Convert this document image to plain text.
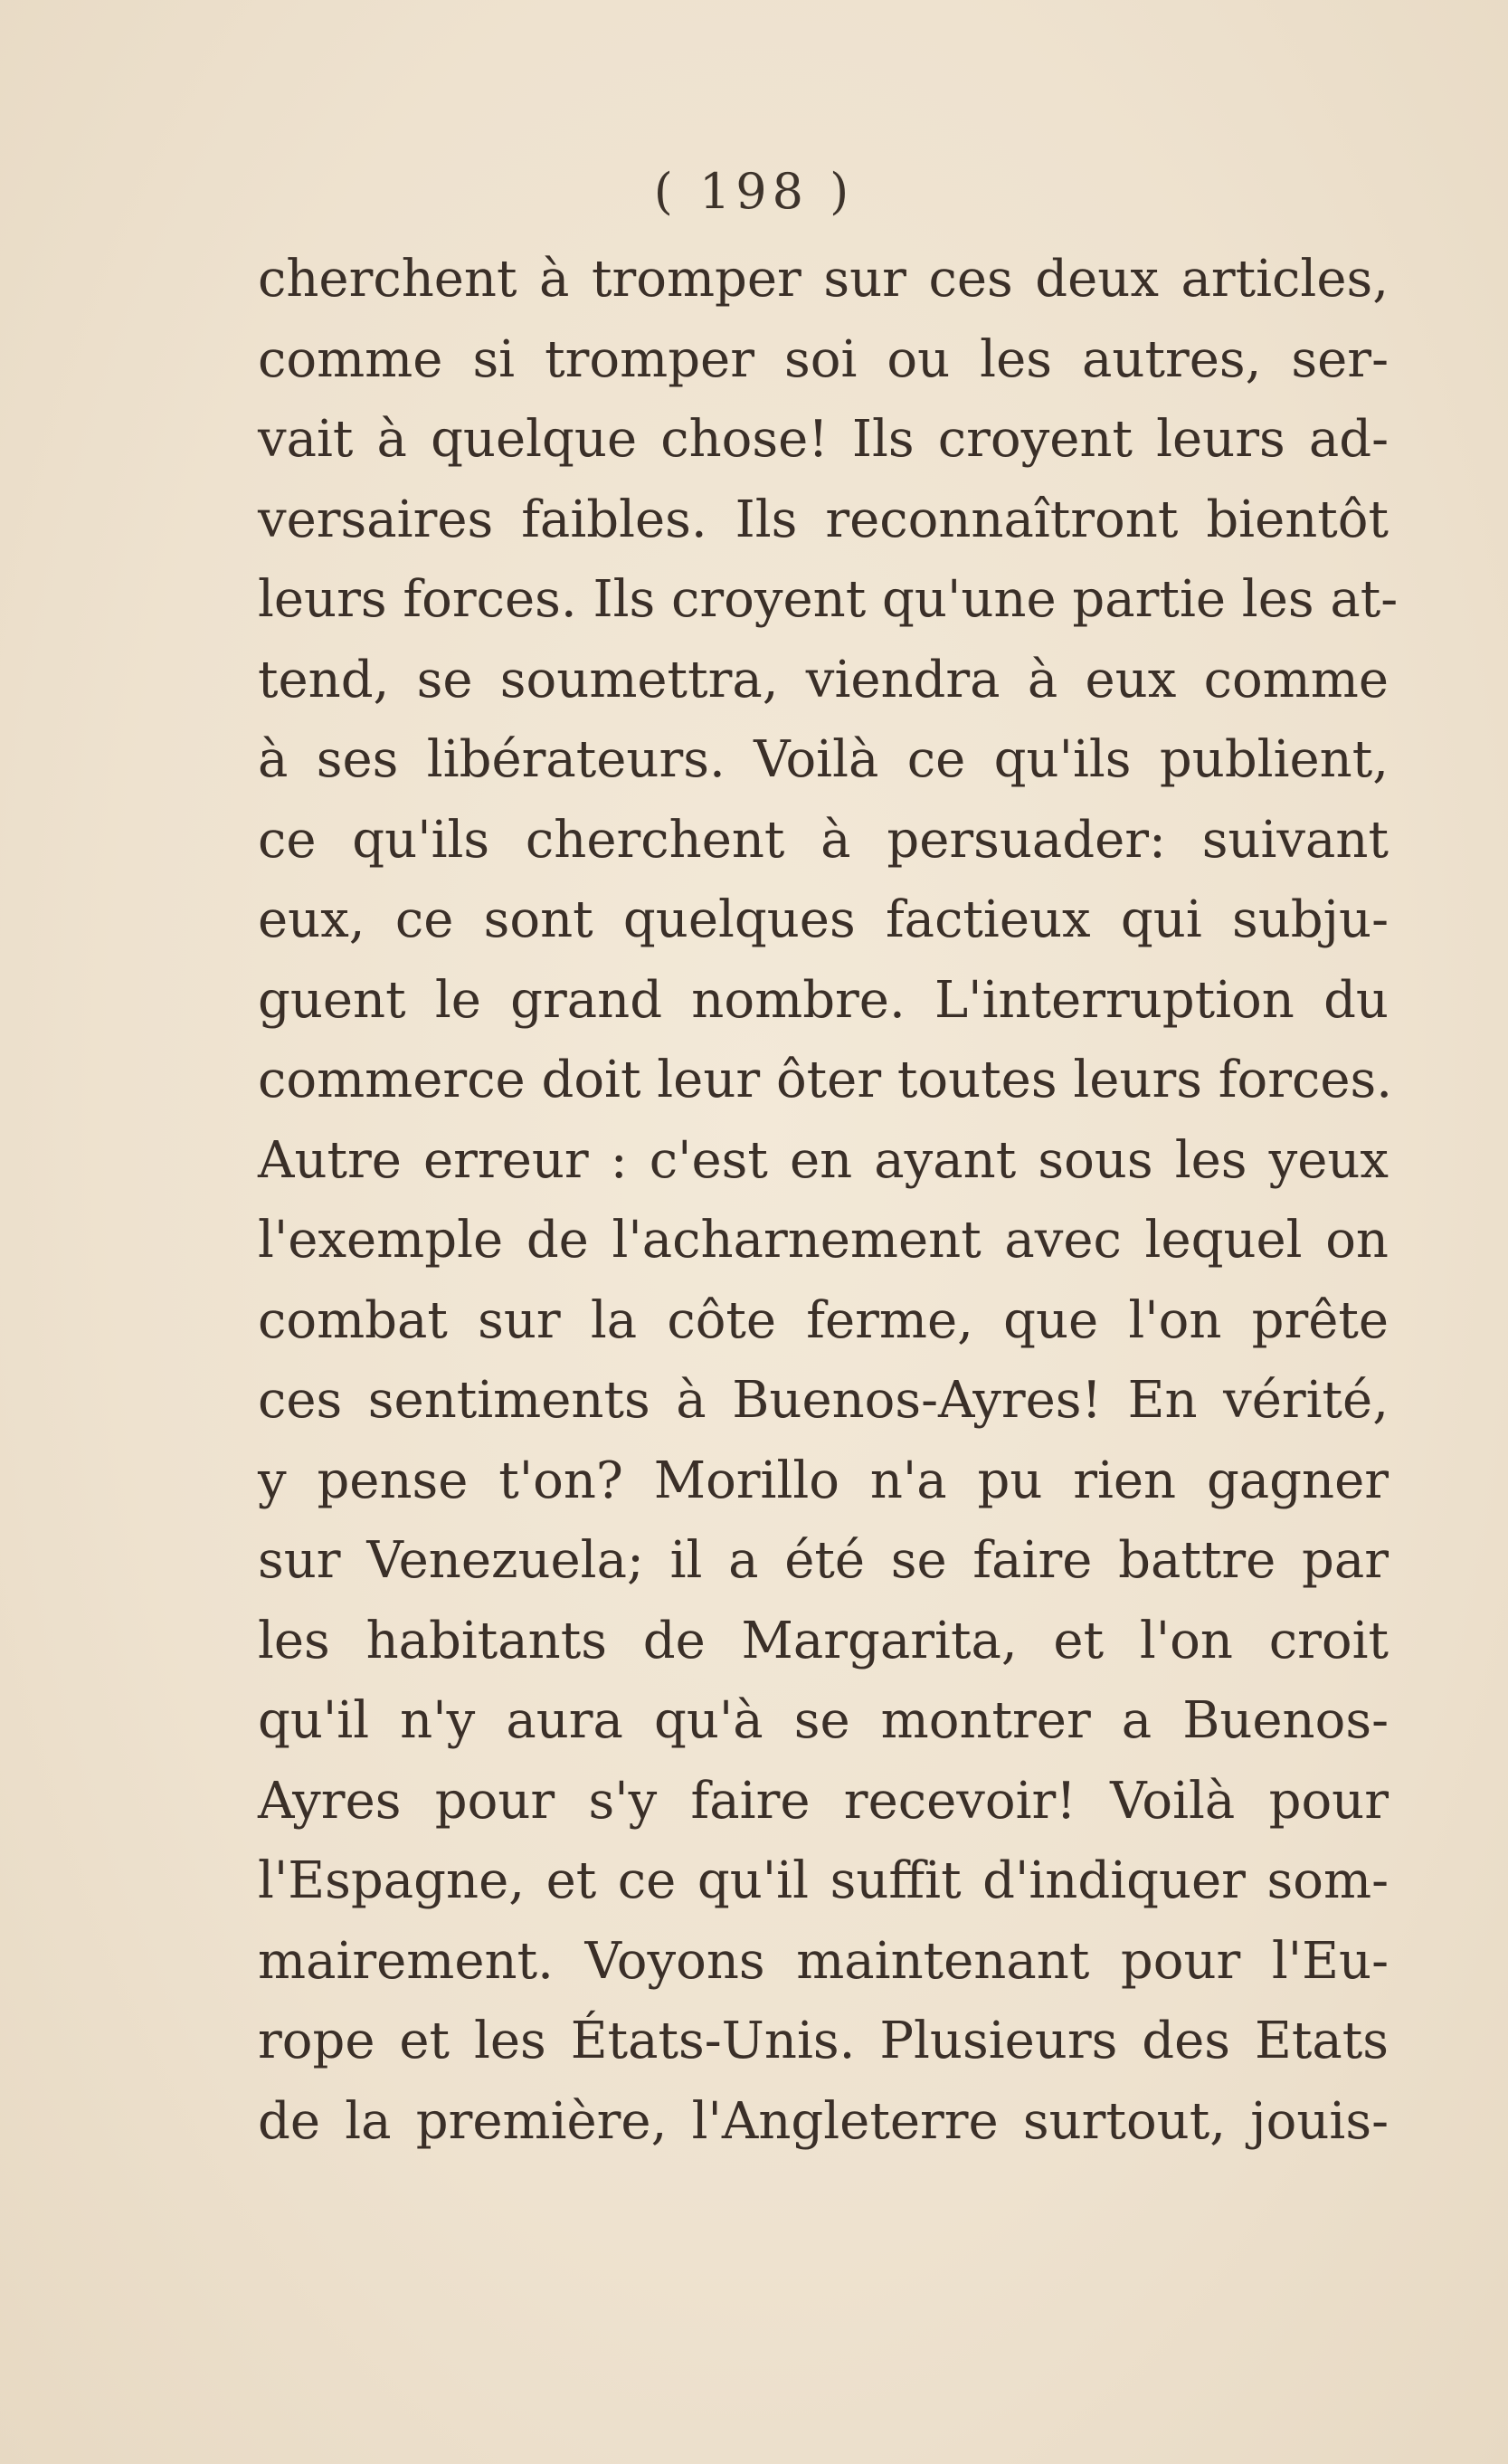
( 198 )
cherchent à tromper sur ces deux articles,
comme si tromper soi ou les autres, ser-
vait à quelque chose! Ils croyent leurs ad-
versaires faibles. Ils reconnaîtront bientôt
leurs forces. Ils croyent qu'une partie les at-
tend, se soumettra, viendra à eux comme
à ses libérateurs. Voilà ce qu'ils publient,
ce qu'ils cherchent à persuader: suivant
eux, ce sont quelques factieux qui subju-
guent le grand nombre. L'interruption du
commerce doit leur ôter toutes leurs forces.
Autre erreur : c'est en ayant sous les yeux
l'exemple de l'acharnement avec lequel on
combat sur la côte ferme, que l'on prête
ces sentiments à Buenos-Ayres! En vérité,
y pense t'on? Morillo n'a pu rien gagner
sur Venezuela; il a été se faire battre par
les habitants de Margarita, et l'on croit
qu'il n'y aura qu'à se montrer a Buenos-
Ayres pour s'y faire recevoir! Voilà pour
l'Espagne, et ce qu'il suffit d'indiquer som-
mairement. Voyons maintenant pour l'Eu-
rope et les États-Unis. Plusieurs des Etats
de la première, l'Angleterre surtout, jouis-
